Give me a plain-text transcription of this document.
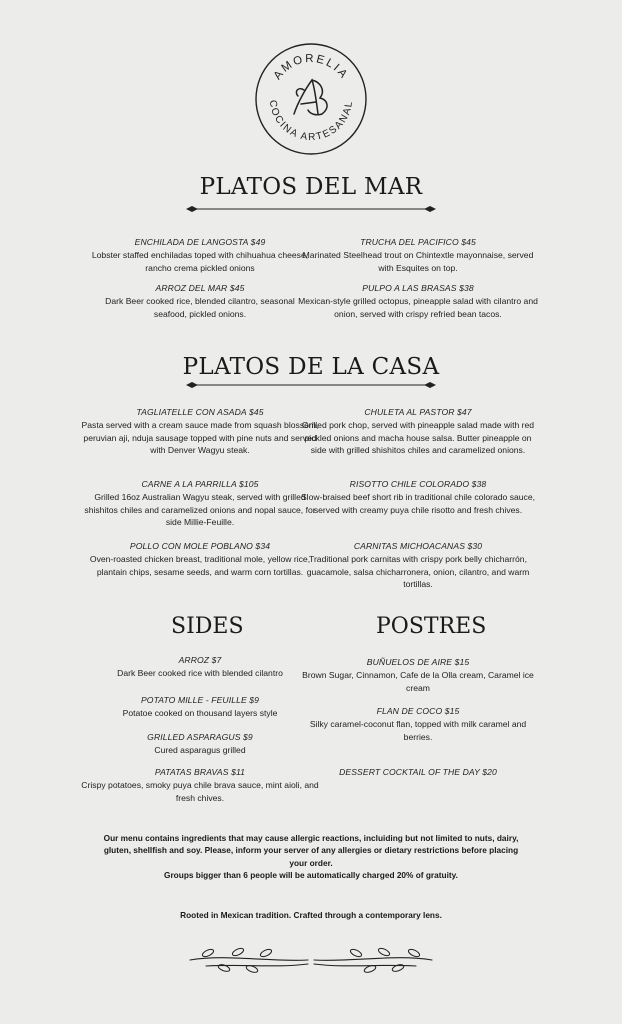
AMORELIA
COCINA ARTESANAL
PLATOS DEL MAR
ENCHILADA DE LANGOSTA $49
Lobster staffed enchiladas toped with chihuahua cheese, rancho crema pickled onions
TRUCHA DEL PACIFICO $45
Marinated Steelhead trout on Chintextle mayonnaise, served with Esquites on top.
ARROZ DEL MAR $45
Dark Beer cooked rice, blended cilantro, seasonal seafood, pickled onions.
PULPO A LAS BRASAS $38
Mexican-style grilled octopus, pineapple salad with cilantro and onion, served with crispy refried bean tacos.
PLATOS DE LA CASA
TAGLIATELLE CON ASADA $45
Pasta served with a cream sauce made from squash blossom, peruvian aji, nduja sausage topped with pine nuts and served with Denver Wagyu steak.
CHULETA AL PASTOR $47
Grilled pork chop, served with pineapple salad made with red pickled onions and macha house salsa. Butter pineapple on side with grilled shishitos chiles and caramelized onions.
CARNE A LA PARRILLA $105
Grilled 16oz Australian Wagyu steak, served with grilled shishitos chiles and caramelized onions and nopal sauce, for side Millie-Feuille.
RISOTTO CHILE COLORADO $38
Slow-braised beef short rib in traditional chile colorado sauce, served with creamy puya chile risotto and fresh chives.
POLLO CON MOLE POBLANO $34
Oven-roasted chicken breast, traditional mole, yellow rice, plantain chips, sesame seeds, and warm corn tortillas.
CARNITAS MICHOACANAS $30
Traditional pork carnitas with crispy pork belly chicharrón, guacamole, salsa chicharronera, onion, cilantro, and warm tortillas.
SIDES
ARROZ $7
Dark Beer cooked rice with blended cilantro
POTATO MILLE - FEUILLE $9
Potatoe cooked on thousand layers style
GRILLED ASPARAGUS $9
Cured asparagus grilled
PATATAS BRAVAS $11
Crispy potatoes, smoky puya chile brava sauce, mint aioli, and fresh chives.
POSTRES
BUÑUELOS DE AIRE $15
Brown Sugar, Cinnamon, Cafe de la Olla cream, Caramel ice cream
FLAN DE COCO $15
Silky caramel-coconut flan, topped with milk caramel and berries.
DESSERT COCKTAIL OF THE DAY $20
Our menu contains ingredients that may cause allergic reactions, incluiding but not limited to nuts, dairy, gluten, shellfish and soy. Please, inform your server of any allergies or dietary restrictions before placing your order.
Groups bigger than 6 people will be automatically charged 20% of gratuity.
Rooted in Mexican tradition. Crafted through a contemporary lens.
